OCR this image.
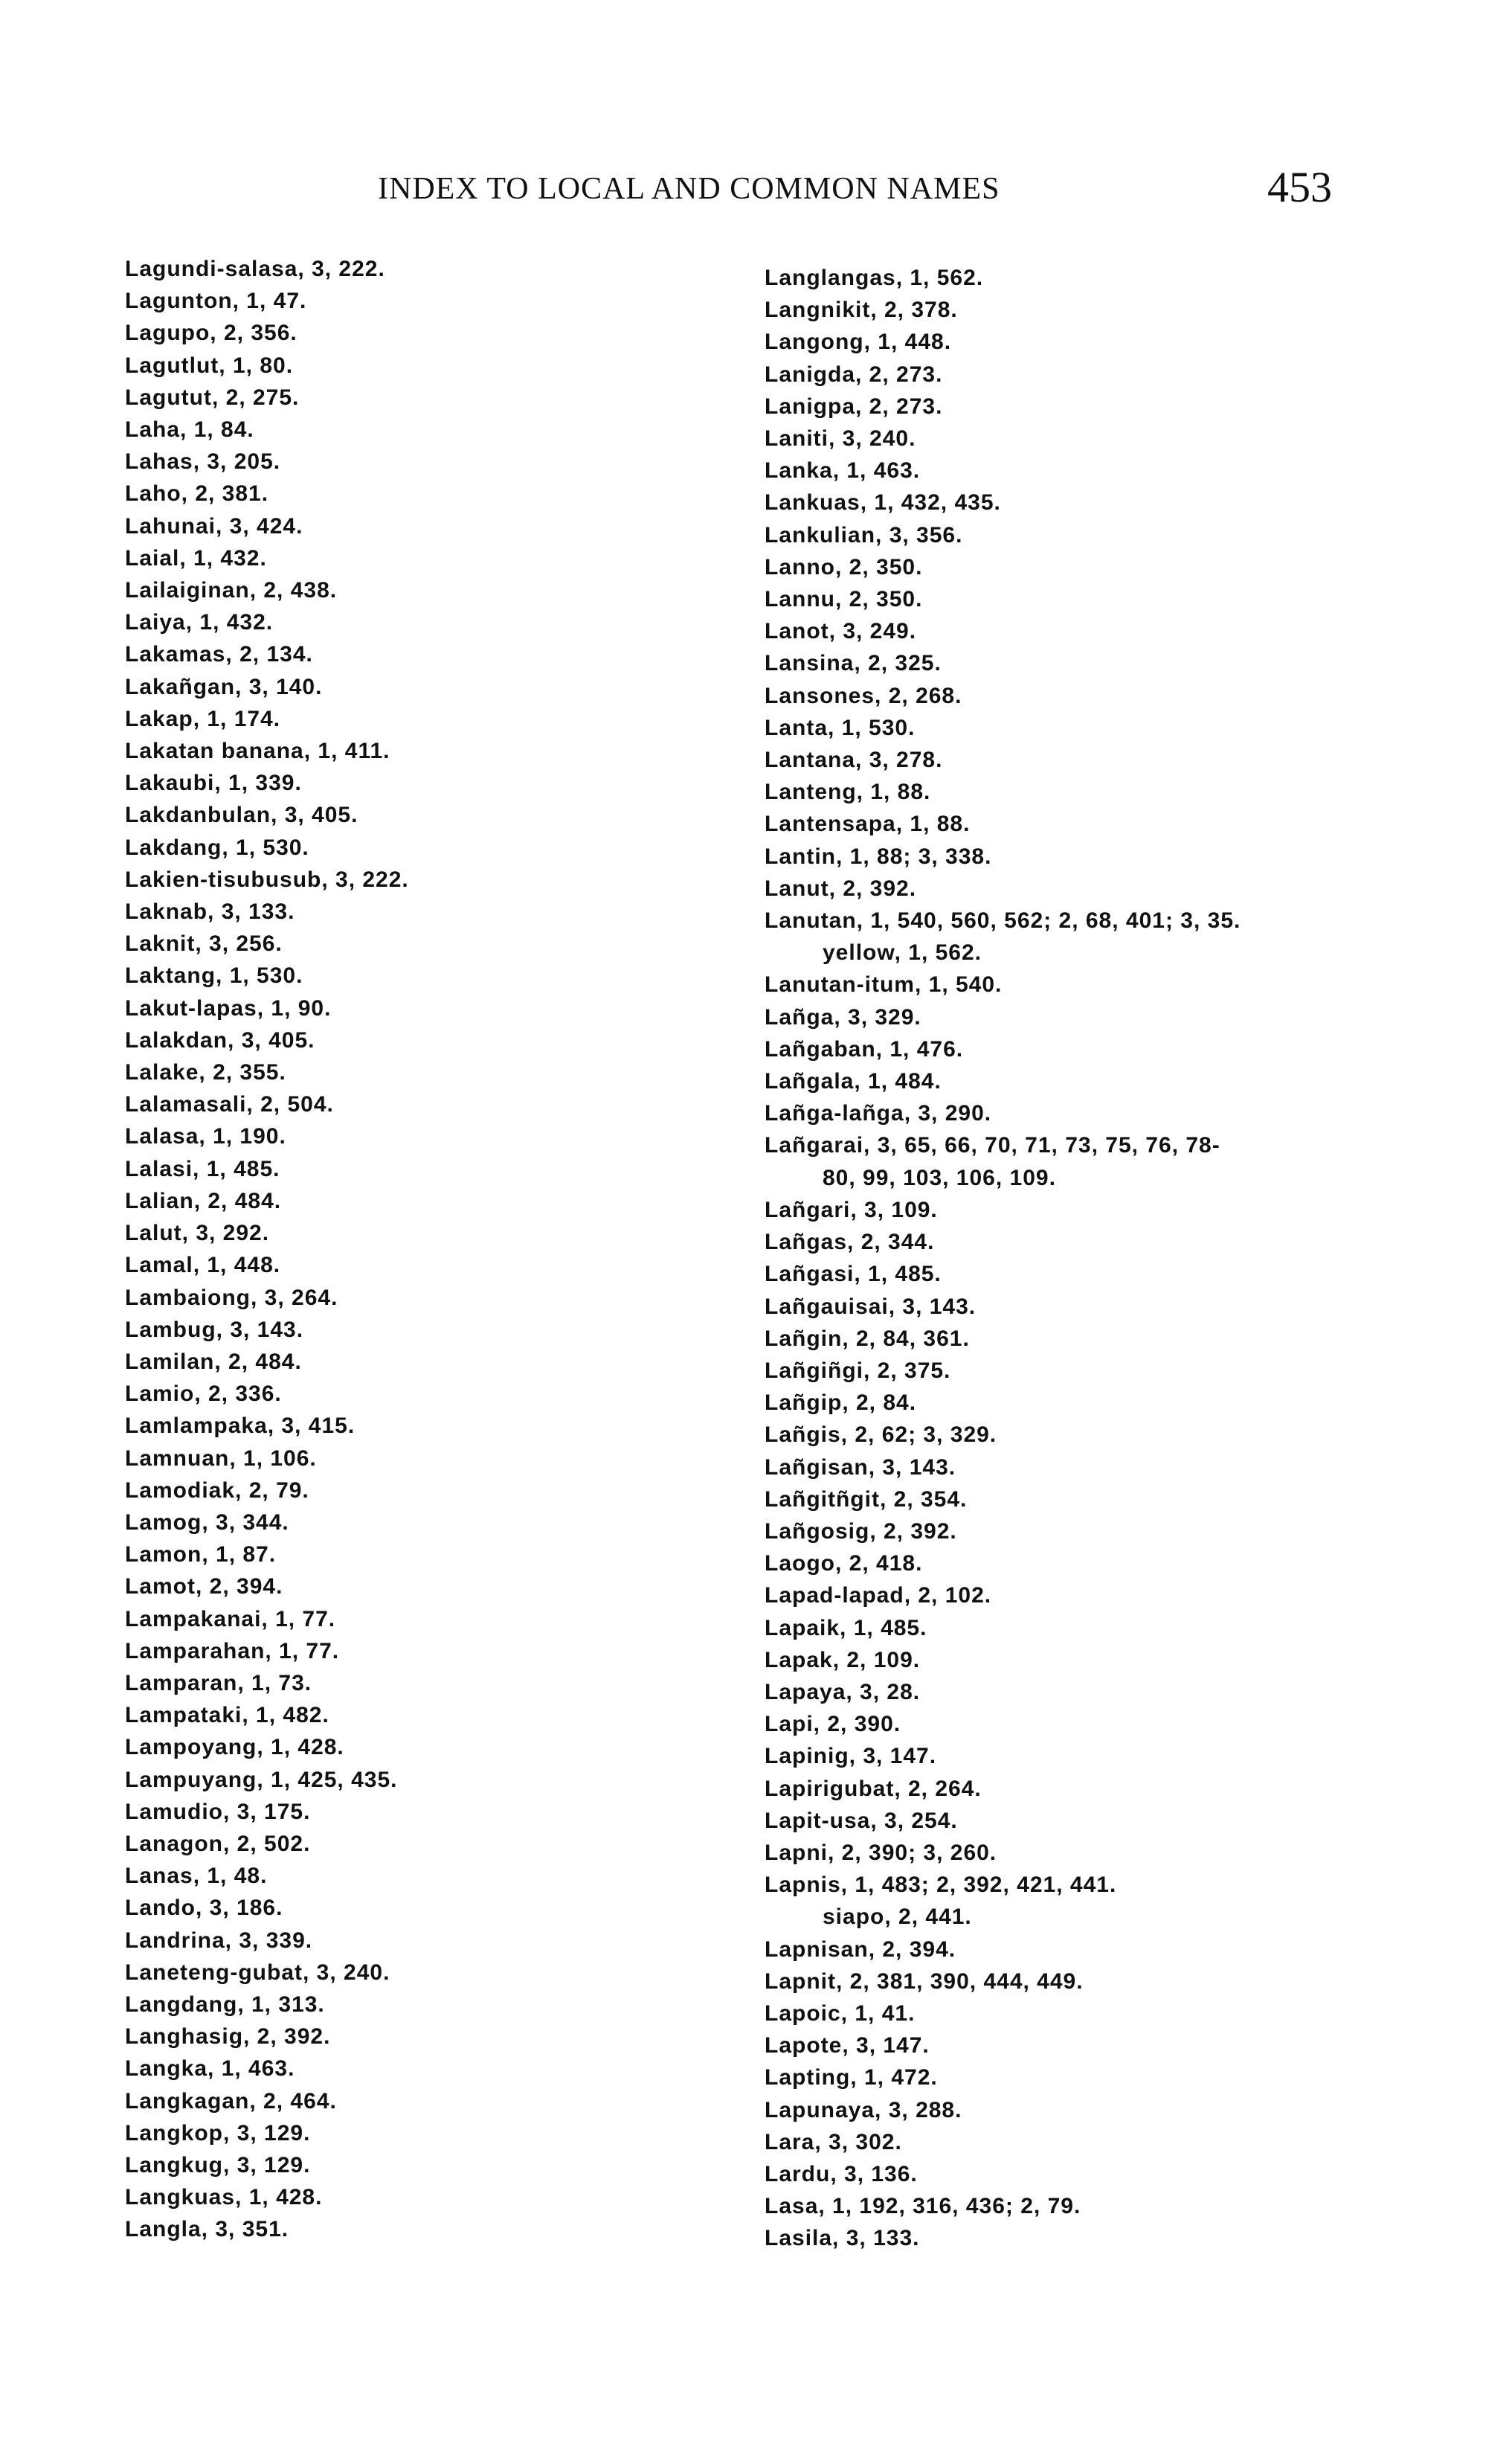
INDEX TO LOCAL AND COMMON NAMES	453
Lagundi-salasa, 3, 222.
Lagunton, 1, 47.
Lagupo, 2, 356.
Lagutlut, 1, 80.
Lagutut, 2, 275.
Laha, 1, 84.
Lahas, 3, 205.
Laho, 2, 381.
Lahunai, 3, 424.
Laial, 1, 432.
Lailaiginan, 2, 438.
Laiya, 1, 432.
Lakamas, 2, 134.
Lakañgan, 3, 140.
Lakap, 1, 174.
Lakatan banana, 1, 411.
Lakaubi, 1, 339.
Lakdanbulan, 3, 405.
Lakdang, 1, 530.
Lakien-tisubusub, 3, 222.
Laknab, 3, 133.
Laknit, 3, 256.
Laktang, 1, 530.
Lakut-lapas, 1, 90.
Lalakdan, 3, 405.
Lalake, 2, 355.
Lalamasali, 2, 504.
Lalasa, 1, 190.
Lalasi, 1, 485.
Lalian, 2, 484.
Lalut, 3, 292.
Lamal, 1, 448.
Lambaiong, 3, 264.
Lambug, 3, 143.
Lamilan, 2, 484.
Lamio, 2, 336.
Lamlampaka, 3, 415.
Lamnuan, 1, 106.
Lamodiak, 2, 79.
Lamog, 3, 344.
Lamon, 1, 87.
Lamot, 2, 394.
Lampakanai, 1, 77.
Lamparahan, 1, 77.
Lamparan, 1, 73.
Lampataki, 1, 482.
Lampoyang, 1, 428.
Lampuyang, 1, 425, 435.
Lamudio, 3, 175.
Lanagon, 2, 502.
Lanas, 1, 48.
Lando, 3, 186.
Landrina, 3, 339.
Laneteng-gubat, 3, 240.
Langdang, 1, 313.
Langhasig, 2, 392.
Langka, 1, 463.
Langkagan, 2, 464.
Langkop, 3, 129.
Langkug, 3, 129.
Langkuas, 1, 428.
Langla, 3, 351.
Langlangas, 1, 562.
Langnikit, 2, 378.
Langong, 1, 448.
Lanigda, 2, 273.
Lanigpa, 2, 273.
Laniti, 3, 240.
Lanka, 1, 463.
Lankuas, 1, 432, 435.
Lankulian, 3, 356.
Lanno, 2, 350.
Lannu, 2, 350.
Lanot, 3, 249.
Lansina, 2, 325.
Lansones, 2, 268.
Lanta, 1, 530.
Lantana, 3, 278.
Lanteng, 1, 88.
Lantensapa, 1, 88.
Lantin, 1, 88; 3, 338.
Lanut, 2, 392.
Lanutan, 1, 540, 560, 562; 2, 68, 401; 3, 35.
yellow, 1, 562.
Lanutan-itum, 1, 540.
Lañga, 3, 329.
Lañgaban, 1, 476.
Lañgala, 1, 484.
Lañga-lañga, 3, 290.
Lañgarai, 3, 65, 66, 70, 71, 73, 75, 76, 78-
80, 99, 103, 106, 109.
Lañgari, 3, 109.
Lañgas, 2, 344.
Lañgasi, 1, 485.
Lañgauisai, 3, 143.
Lañgin, 2, 84, 361.
Lañgiñgi, 2, 375.
Lañgip, 2, 84.
Lañgis, 2, 62; 3, 329.
Lañgisan, 3, 143.
Lañgitñgit, 2, 354.
Lañgosig, 2, 392.
Laogo, 2, 418.
Lapad-lapad, 2, 102.
Lapaik, 1, 485.
Lapak, 2, 109.
Lapaya, 3, 28.
Lapi, 2, 390.
Lapinig, 3, 147.
Lapirigubat, 2, 264.
Lapit-usa, 3, 254.
Lapni, 2, 390; 3, 260.
Lapnis, 1, 483; 2, 392, 421, 441.
siapo, 2, 441.
Lapnisan, 2, 394.
Lapnit, 2, 381, 390, 444, 449.
Lapoic, 1, 41.
Lapote, 3, 147.
Lapting, 1, 472.
Lapunaya, 3, 288.
Lara, 3, 302.
Lardu, 3, 136.
Lasa, 1, 192, 316, 436; 2, 79.
Lasila, 3, 133.
